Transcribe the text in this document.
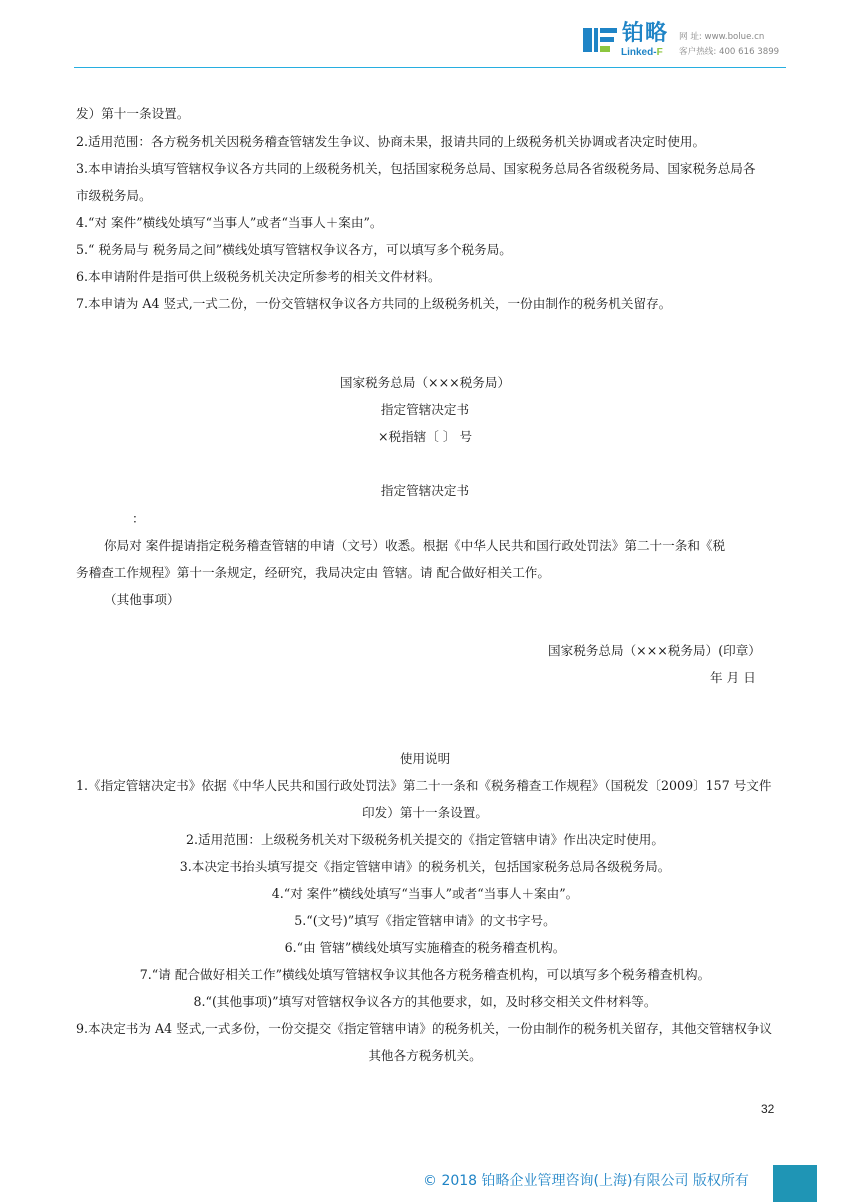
铂略
Linked-F
网 址: www.bolue.cn
客户热线: 400 616 3899
发）第十一条设置。
2.适用范围：各方税务机关因税务稽查管辖发生争议、协商未果，报请共同的上级税务机关协调或者决定时使用。
3.本申请抬头填写管辖权争议各方共同的上级税务机关，包括国家税务总局、国家税务总局各省级税务局、国家税务总局各
市级税务局。
4.“对 案件”横线处填写“当事人”或者“当事人＋案由”。
5.“ 税务局与 税务局之间”横线处填写管辖权争议各方，可以填写多个税务局。
6.本申请附件是指可供上级税务机关决定所参考的相关文件材料。
7.本申请为 A4 竖式,一式二份，一份交管辖权争议各方共同的上级税务机关，一份由制作的税务机关留存。
国家税务总局（×××税务局）
指定管辖决定书
×税指辖〔 〕 号
指定管辖决定书
：
你局对 案件提请指定税务稽查管辖的申请（文号）收悉。根据《中华人民共和国行政处罚法》第二十一条和《税
务稽查工作规程》第十一条规定，经研究，我局决定由 管辖。请 配合做好相关工作。
（其他事项）
国家税务总局（×××税务局）(印章）
年 月 日
使用说明
1.《指定管辖决定书》依据《中华人民共和国行政处罚法》第二十一条和《税务稽查工作规程》（国税发〔2009〕157 号文件
印发）第十一条设置。
2.适用范围：上级税务机关对下级税务机关提交的《指定管辖申请》作出决定时使用。
3.本决定书抬头填写提交《指定管辖申请》的税务机关，包括国家税务总局各级税务局。
4.“对 案件”横线处填写“当事人”或者“当事人＋案由”。
5.“(文号)”填写《指定管辖申请》的文书字号。
6.“由 管辖”横线处填写实施稽查的税务稽查机构。
7.“请 配合做好相关工作”横线处填写管辖权争议其他各方税务稽查机构，可以填写多个税务稽查机构。
8.“(其他事项)”填写对管辖权争议各方的其他要求，如，及时移交相关文件材料等。
9.本决定书为 A4 竖式,一式多份，一份交提交《指定管辖申请》的税务机关，一份由制作的税务机关留存，其他交管辖权争议
其他各方税务机关。
32
© 2018 铂略企业管理咨询(上海)有限公司 版权所有
